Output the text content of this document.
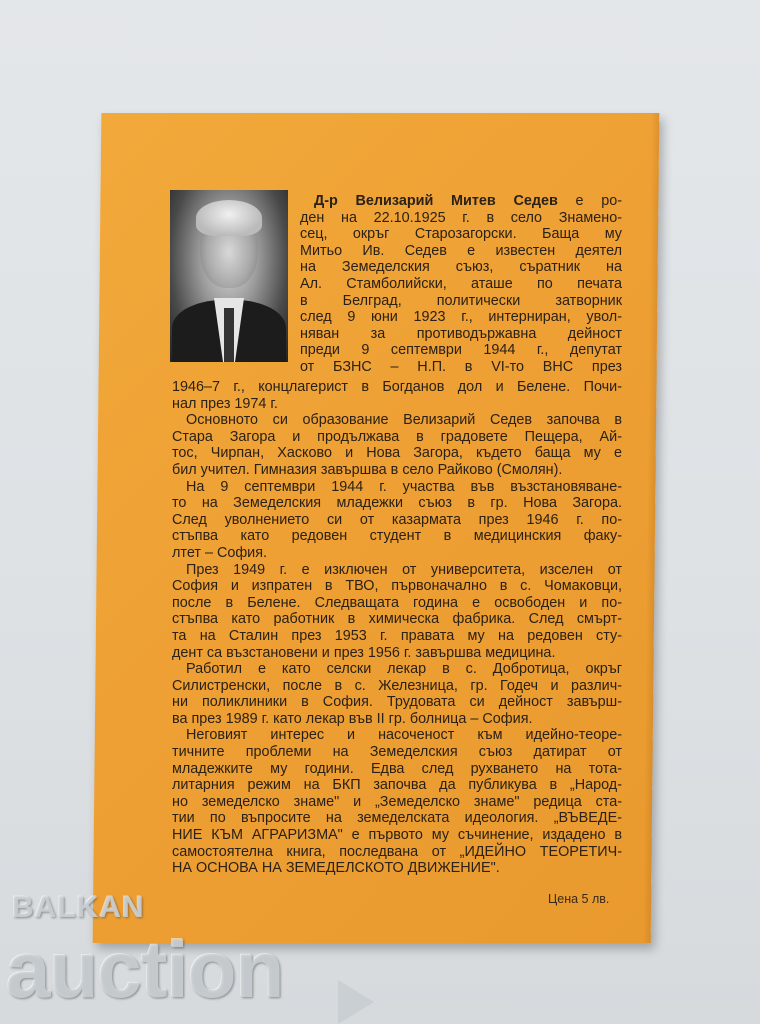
Д-р Велизарий Митев Седев е ро-
ден на 22.10.1925 г. в село Знамено-
сец, окръг Старозагорски. Баща му
Митьо Ив. Седев е известен деятел
на Земеделския съюз, съратник на
Ал. Стамболийски, аташе по печата
в Белград, политически затворник
след 9 юни 1923 г., интерниран, увол-
няван за противодържавна дейност
преди 9 септември 1944 г., депутат
от БЗНС – Н.П. в VI-то ВНС през
1946–7 г., концлагерист в Богданов дол и Белене. Почи-
нал през 1974 г.
Основното си образование Велизарий Седев започва в
Стара Загора и продължава в градовете Пещера, Ай-
тос, Чирпан, Хасково и Нова Загора, където баща му е
бил учител. Гимназия завършва в село Райково (Смолян).
На 9 септември 1944 г. участва във възстановяване-
то на Земеделския младежки съюз в гр. Нова Загора.
След уволнението си от казармата през 1946 г. по-
стъпва като редовен студент в медицинския факу-
лтет – София.
През 1949 г. е изключен от университета, изселен от
София и изпратен в ТВО, първоначално в с. Чомаковци,
после в Белене. Следващата година е освободен и по-
стъпва като работник в химическа фабрика. След смърт-
та на Сталин през 1953 г. правата му на редовен сту-
дент са възстановени и през 1956 г. завършва медицина.
Работил е като селски лекар в с. Добротица, окръг
Силистренски, после в с. Железница, гр. Годеч и различ-
ни поликлиники в София. Трудовата си дейност завърш-
ва през 1989 г. като лекар във II гр. болница – София.
Неговият интерес и насоченост към идейно-теоре-
тичните проблеми на Земеделския съюз датират от
младежките му години. Едва след рухването на тота-
литарния режим на БКП започва да публикува в „Народ-
но земеделско знаме" и „Земеделско знаме" редица ста-
тии по въпросите на земеделската идеология. „ВЪВЕДЕ-
НИЕ КЪМ АГРАРИЗМА" е първото му съчинение, издадено в
самостоятелна книга, последвана от „ИДЕЙНО ТЕОРЕТИЧ-
НА ОСНОВА НА ЗЕМЕДЕЛСКОТО ДВИЖЕНИЕ".
Цена 5 лв.
BALKAN
auction
